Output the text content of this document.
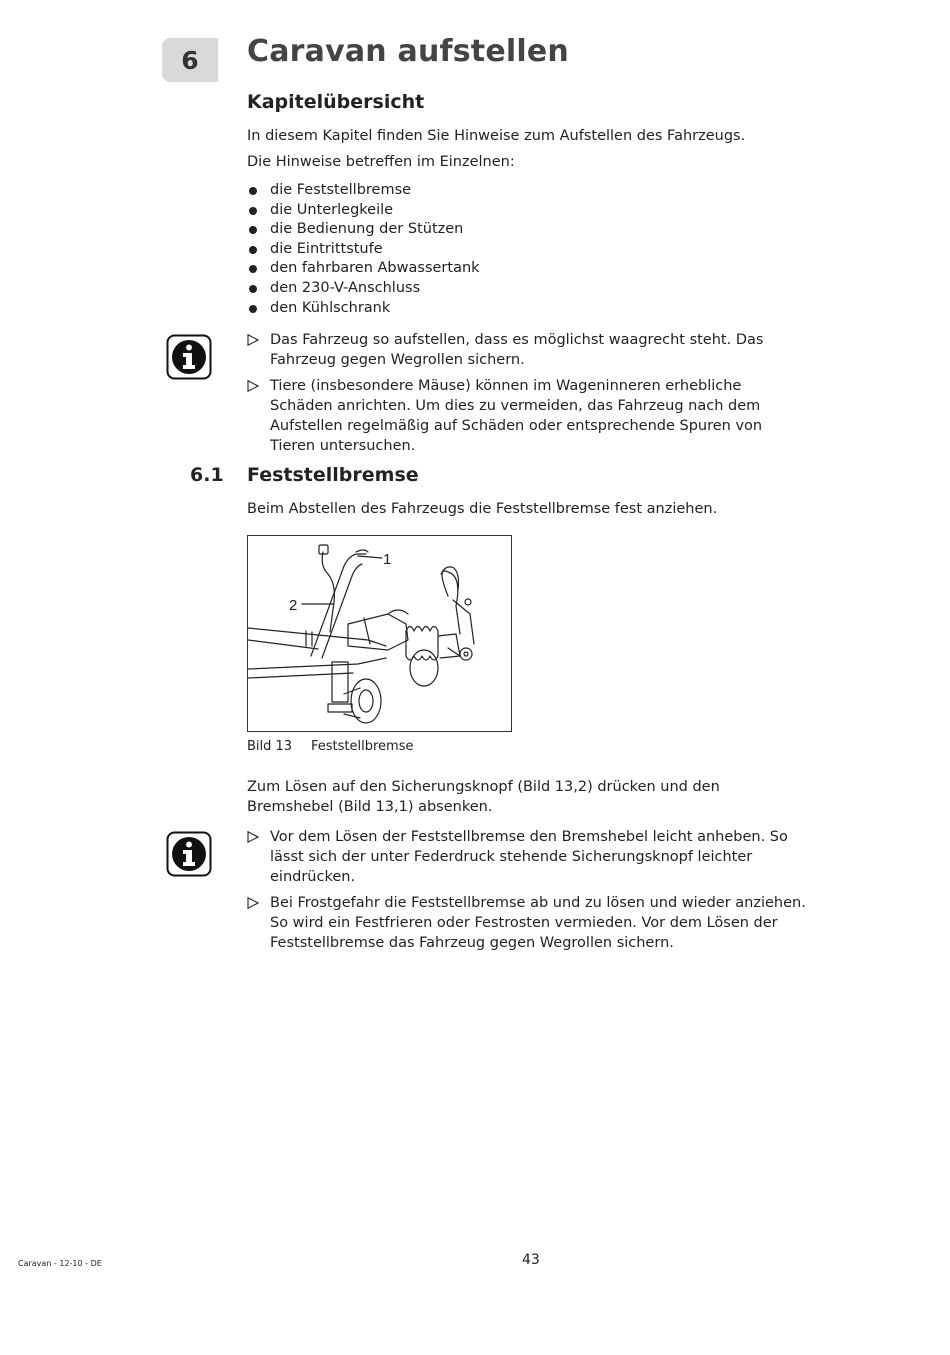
6	Caravan aufstellen
Kapitelübersicht
In diesem Kapitel finden Sie Hinweise zum Aufstellen des Fahrzeugs.
Die Hinweise betreffen im Einzelnen:
die Feststellbremse
die Unterlegkeile
die Bedienung der Stützen
die Eintrittstufe
den fahrbaren Abwassertank
den 230-V-Anschluss
den Kühlschrank
Das Fahrzeug so aufstellen, dass es möglichst waagrecht steht. Das Fahrzeug gegen Wegrollen sichern.
Tiere (insbesondere Mäuse) können im Wageninneren erhebliche Schäden anrichten. Um dies zu vermeiden, das Fahrzeug nach dem Aufstellen regelmäßig auf Schäden oder entsprechende Spuren von Tieren untersuchen.
6.1 Feststellbremse
Beim Abstellen des Fahrzeugs die Feststellbremse fest anziehen.
1
2
Bild 13 Feststellbremse
Zum Lösen auf den Sicherungsknopf (Bild 13,2) drücken und den Bremshebel (Bild 13,1) absenken.
Vor dem Lösen der Feststellbremse den Bremshebel leicht anheben. So lässt sich der unter Federdruck stehende Sicherungsknopf leichter eindrücken.
Bei Frostgefahr die Feststellbremse ab und zu lösen und wieder anziehen. So wird ein Festfrieren oder Festrosten vermieden. Vor dem Lösen der Feststellbremse das Fahrzeug gegen Wegrollen sichern.
Caravan - 12-10 - DE	43
